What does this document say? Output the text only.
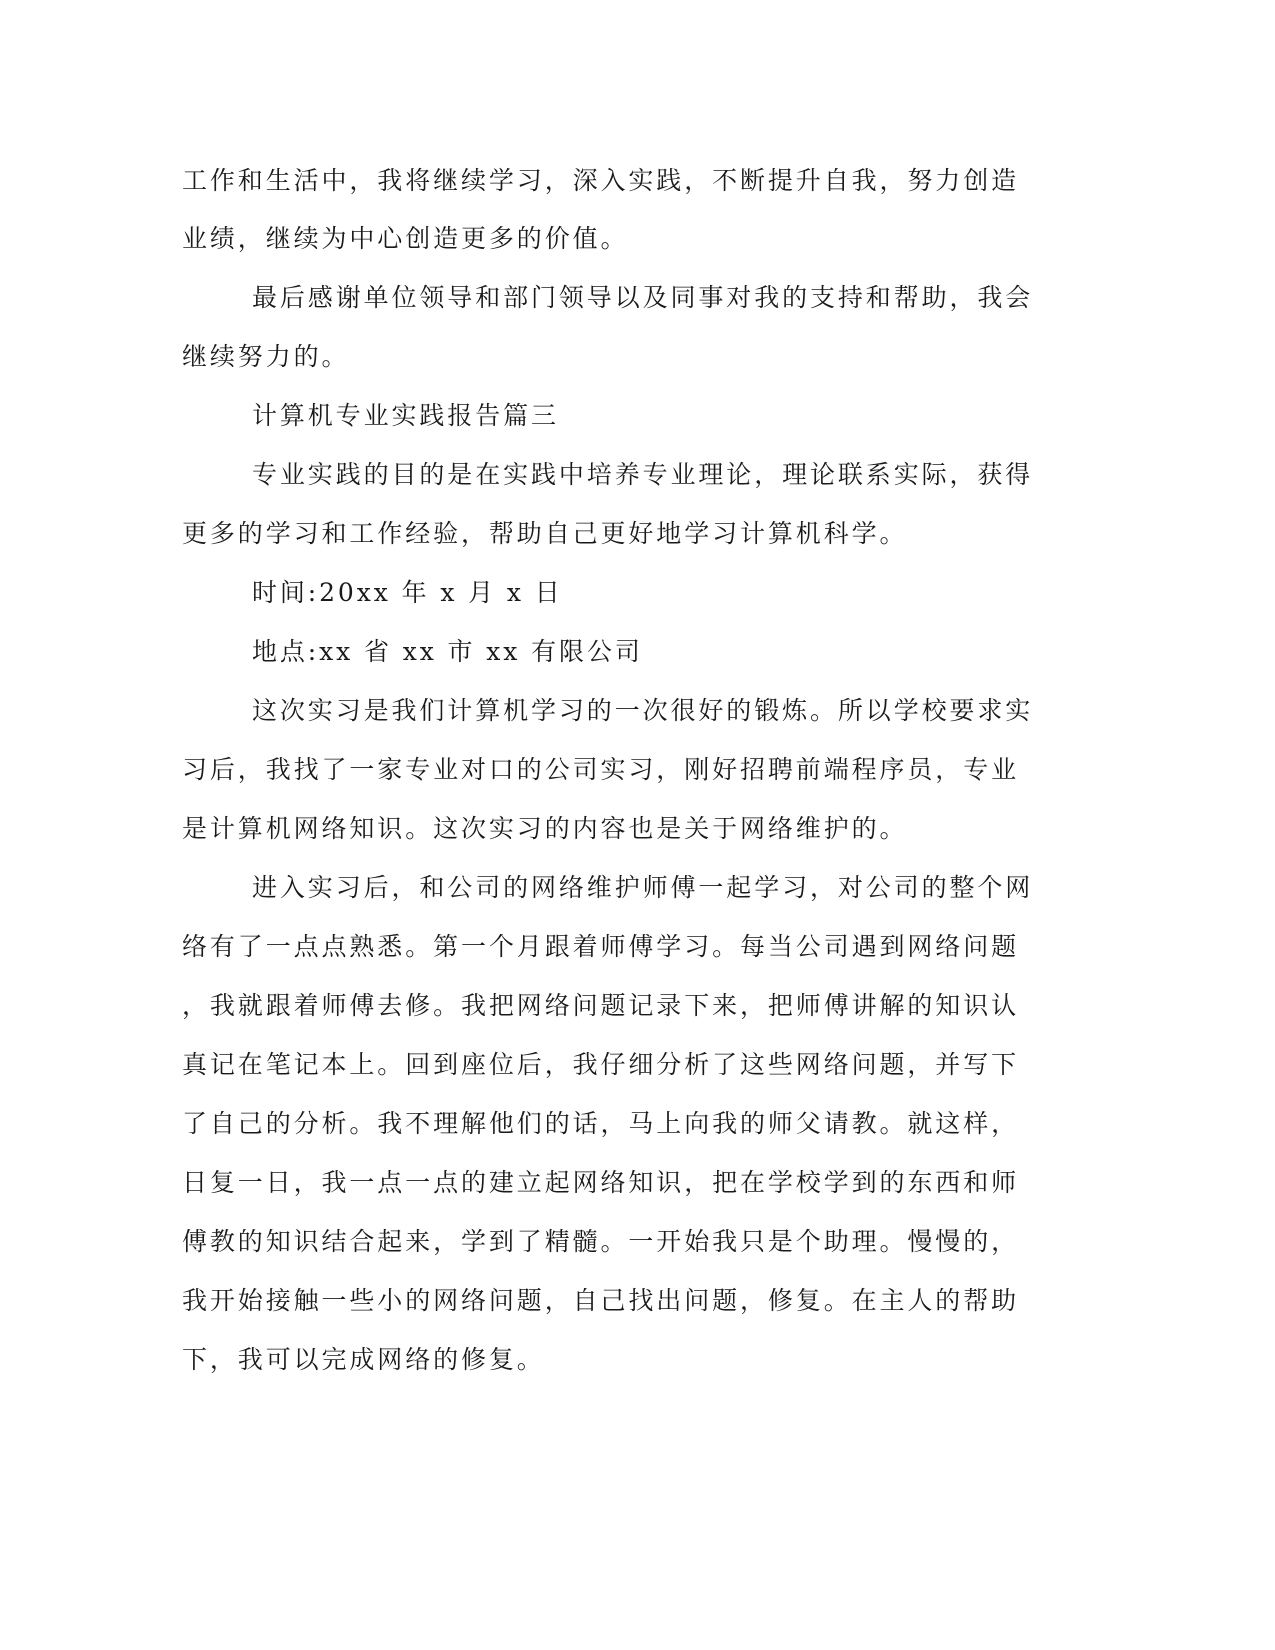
工作和生活中，我将继续学习，深入实践，不断提升自我，努力创造

业绩，继续为中心创造更多的价值。

最后感谢单位领导和部门领导以及同事对我的支持和帮助，我会

继续努力的。

计算机专业实践报告篇三

专业实践的目的是在实践中培养专业理论，理论联系实际，获得

更多的学习和工作经验，帮助自己更好地学习计算机科学。

时间:20xx 年 x 月 x 日

地点:xx 省 xx 市 xx 有限公司

这次实习是我们计算机学习的一次很好的锻炼。所以学校要求实

习后，我找了一家专业对口的公司实习，刚好招聘前端程序员，专业

是计算机网络知识。这次实习的内容也是关于网络维护的。

进入实习后，和公司的网络维护师傅一起学习，对公司的整个网

络有了一点点熟悉。第一个月跟着师傅学习。每当公司遇到网络问题

，我就跟着师傅去修。我把网络问题记录下来，把师傅讲解的知识认

真记在笔记本上。回到座位后，我仔细分析了这些网络问题，并写下

了自己的分析。我不理解他们的话，马上向我的师父请教。就这样，

日复一日，我一点一点的建立起网络知识，把在学校学到的东西和师

傅教的知识结合起来，学到了精髓。一开始我只是个助理。慢慢的，

我开始接触一些小的网络问题，自己找出问题，修复。在主人的帮助

下，我可以完成网络的修复。
